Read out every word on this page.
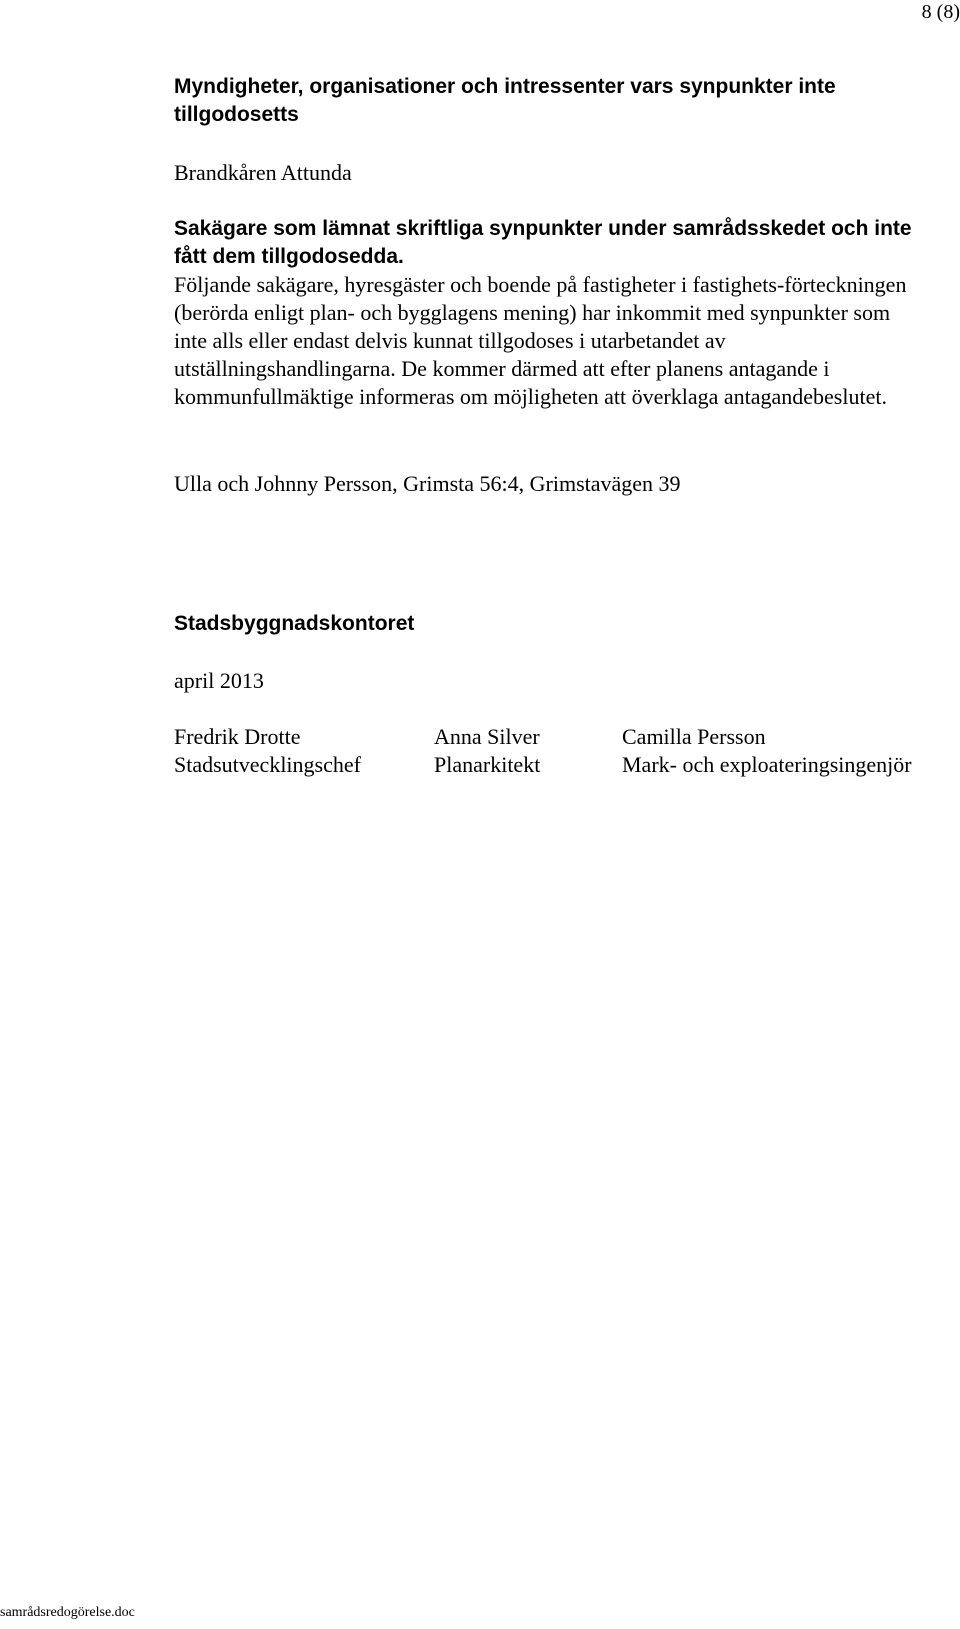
8 (8)
Myndigheter, organisationer och intressenter vars synpunkter inte tillgodosetts
Brandkåren Attunda
Sakägare som lämnat skriftliga synpunkter under samrådsskedet och inte fått dem tillgodosedda.

Följande sakägare, hyresgäster och boende på fastigheter i fastighets-förteckningen (berörda enligt plan- och bygglagens mening) har inkommit med synpunkter som inte alls eller endast delvis kunnat tillgodoses i utarbetandet av utställningshandlingarna. De kommer därmed att efter planens antagande i kommunfullmäktige informeras om möjligheten att överklaga antagandebeslutet.

Ulla och Johnny Persson, Grimsta 56:4, Grimstavägen 39
Stadsbyggnadskontoret
april 2013
Fredrik Drotte
Stadsutvecklingschef
Anna Silver
Planarkitekt
Camilla Persson
Mark- och exploateringsingenjör
samrådsredogörelse.doc
